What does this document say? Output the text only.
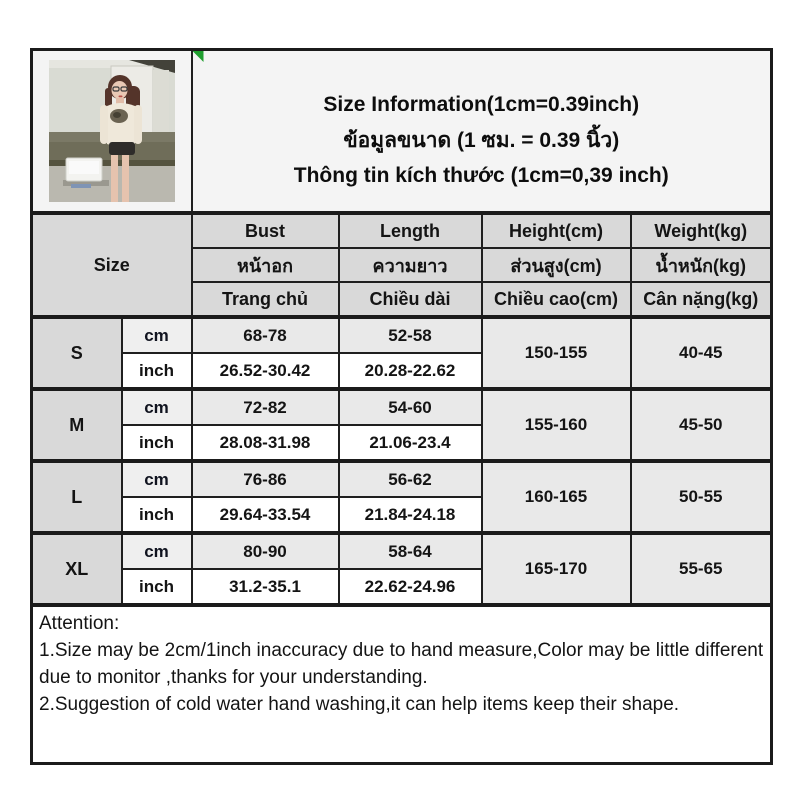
Size Information(1cm=0.39inch)
ข้อมูลขนาด (1 ซม. = 0.39 นิ้ว)
Thông tin kích thước (1cm=0,39 inch)			

Size		Bust	Length	Height(cm)	Weight(kg)
		หน้าอก	ความยาว	ส่วนสูง(cm)	น้ำหนัก(kg)
		Trang chủ	Chiều dài	Chiều cao(cm)	Cân nặng(kg)
S	cm	68-78	52-58	150-155	40-45
	inch	26.52-30.42	20.28-22.62		
M	cm	72-82	54-60	155-160	45-50
	inch	28.08-31.98	21.06-23.4		
L	cm	76-86	56-62	160-165	50-55
	inch	29.64-33.54	21.84-24.18		
XL	cm	80-90	58-64	165-170	55-65
	inch	31.2-35.1	22.62-24.96		

Attention:
1.Size may be 2cm/1inch inaccuracy due to hand measure,Color may be little different due to monitor ,thanks for your understanding.
2.Suggestion of cold water hand washing,it can help items keep their shape.					
